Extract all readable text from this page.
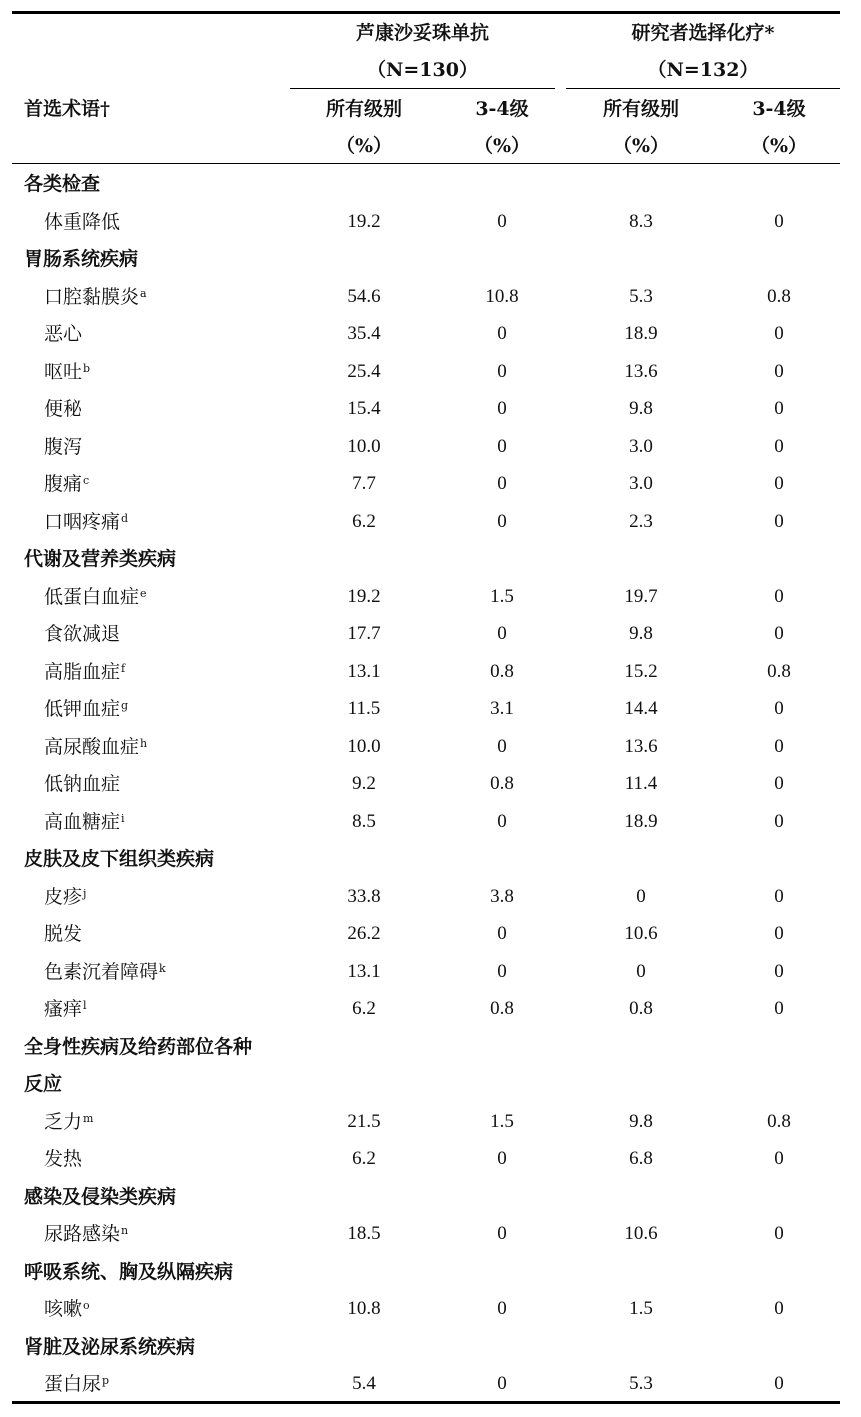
首选术语†
芦康沙妥珠单抗
（N=130）
研究者选择化疗*
（N=132）
所有级别	3-4级	所有级别	3-4级
（%）	（%）	（%）	（%）
各类检查
体重降低	19.2	0	8.3	0
胃肠系统疾病
口腔黏膜炎$^a$	54.6	10.8	5.3	0.8
恶心	35.4	0	18.9	0
呕吐$^b$	25.4	0	13.6	0
便秘	15.4	0	9.8	0
腹泻	10.0	0	3.0	0
腹痛$^c$	7.7	0	3.0	0
口咽疼痛$^d$	6.2	0	2.3	0
代谢及营养类疾病
低蛋白血症$^e$	19.2	1.5	19.7	0
食欲减退	17.7	0	9.8	0
高脂血症$^f$	13.1	0.8	15.2	0.8
低钾血症$^g$	11.5	3.1	14.4	0
高尿酸血症$^h$	10.0	0	13.6	0
低钠血症	9.2	0.8	11.4	0
高血糖症$^i$	8.5	0	18.9	0
皮肤及皮下组织类疾病
皮疹$^j$	33.8	3.8	0	0
脱发	26.2	0	10.6	0
色素沉着障碍$^k$	13.1	0	0	0
瘙痒$^l$	6.2	0.8	0.8	0
全身性疾病及给药部位各种
反应
乏力$^m$	21.5	1.5	9.8	0.8
发热	6.2	0	6.8	0
感染及侵染类疾病
尿路感染$^n$	18.5	0	10.6	0
呼吸系统、胸及纵隔疾病
咳嗽$^o$	10.8	0	1.5	0
肾脏及泌尿系统疾病
蛋白尿$^p$	5.4	0	5.3	0
